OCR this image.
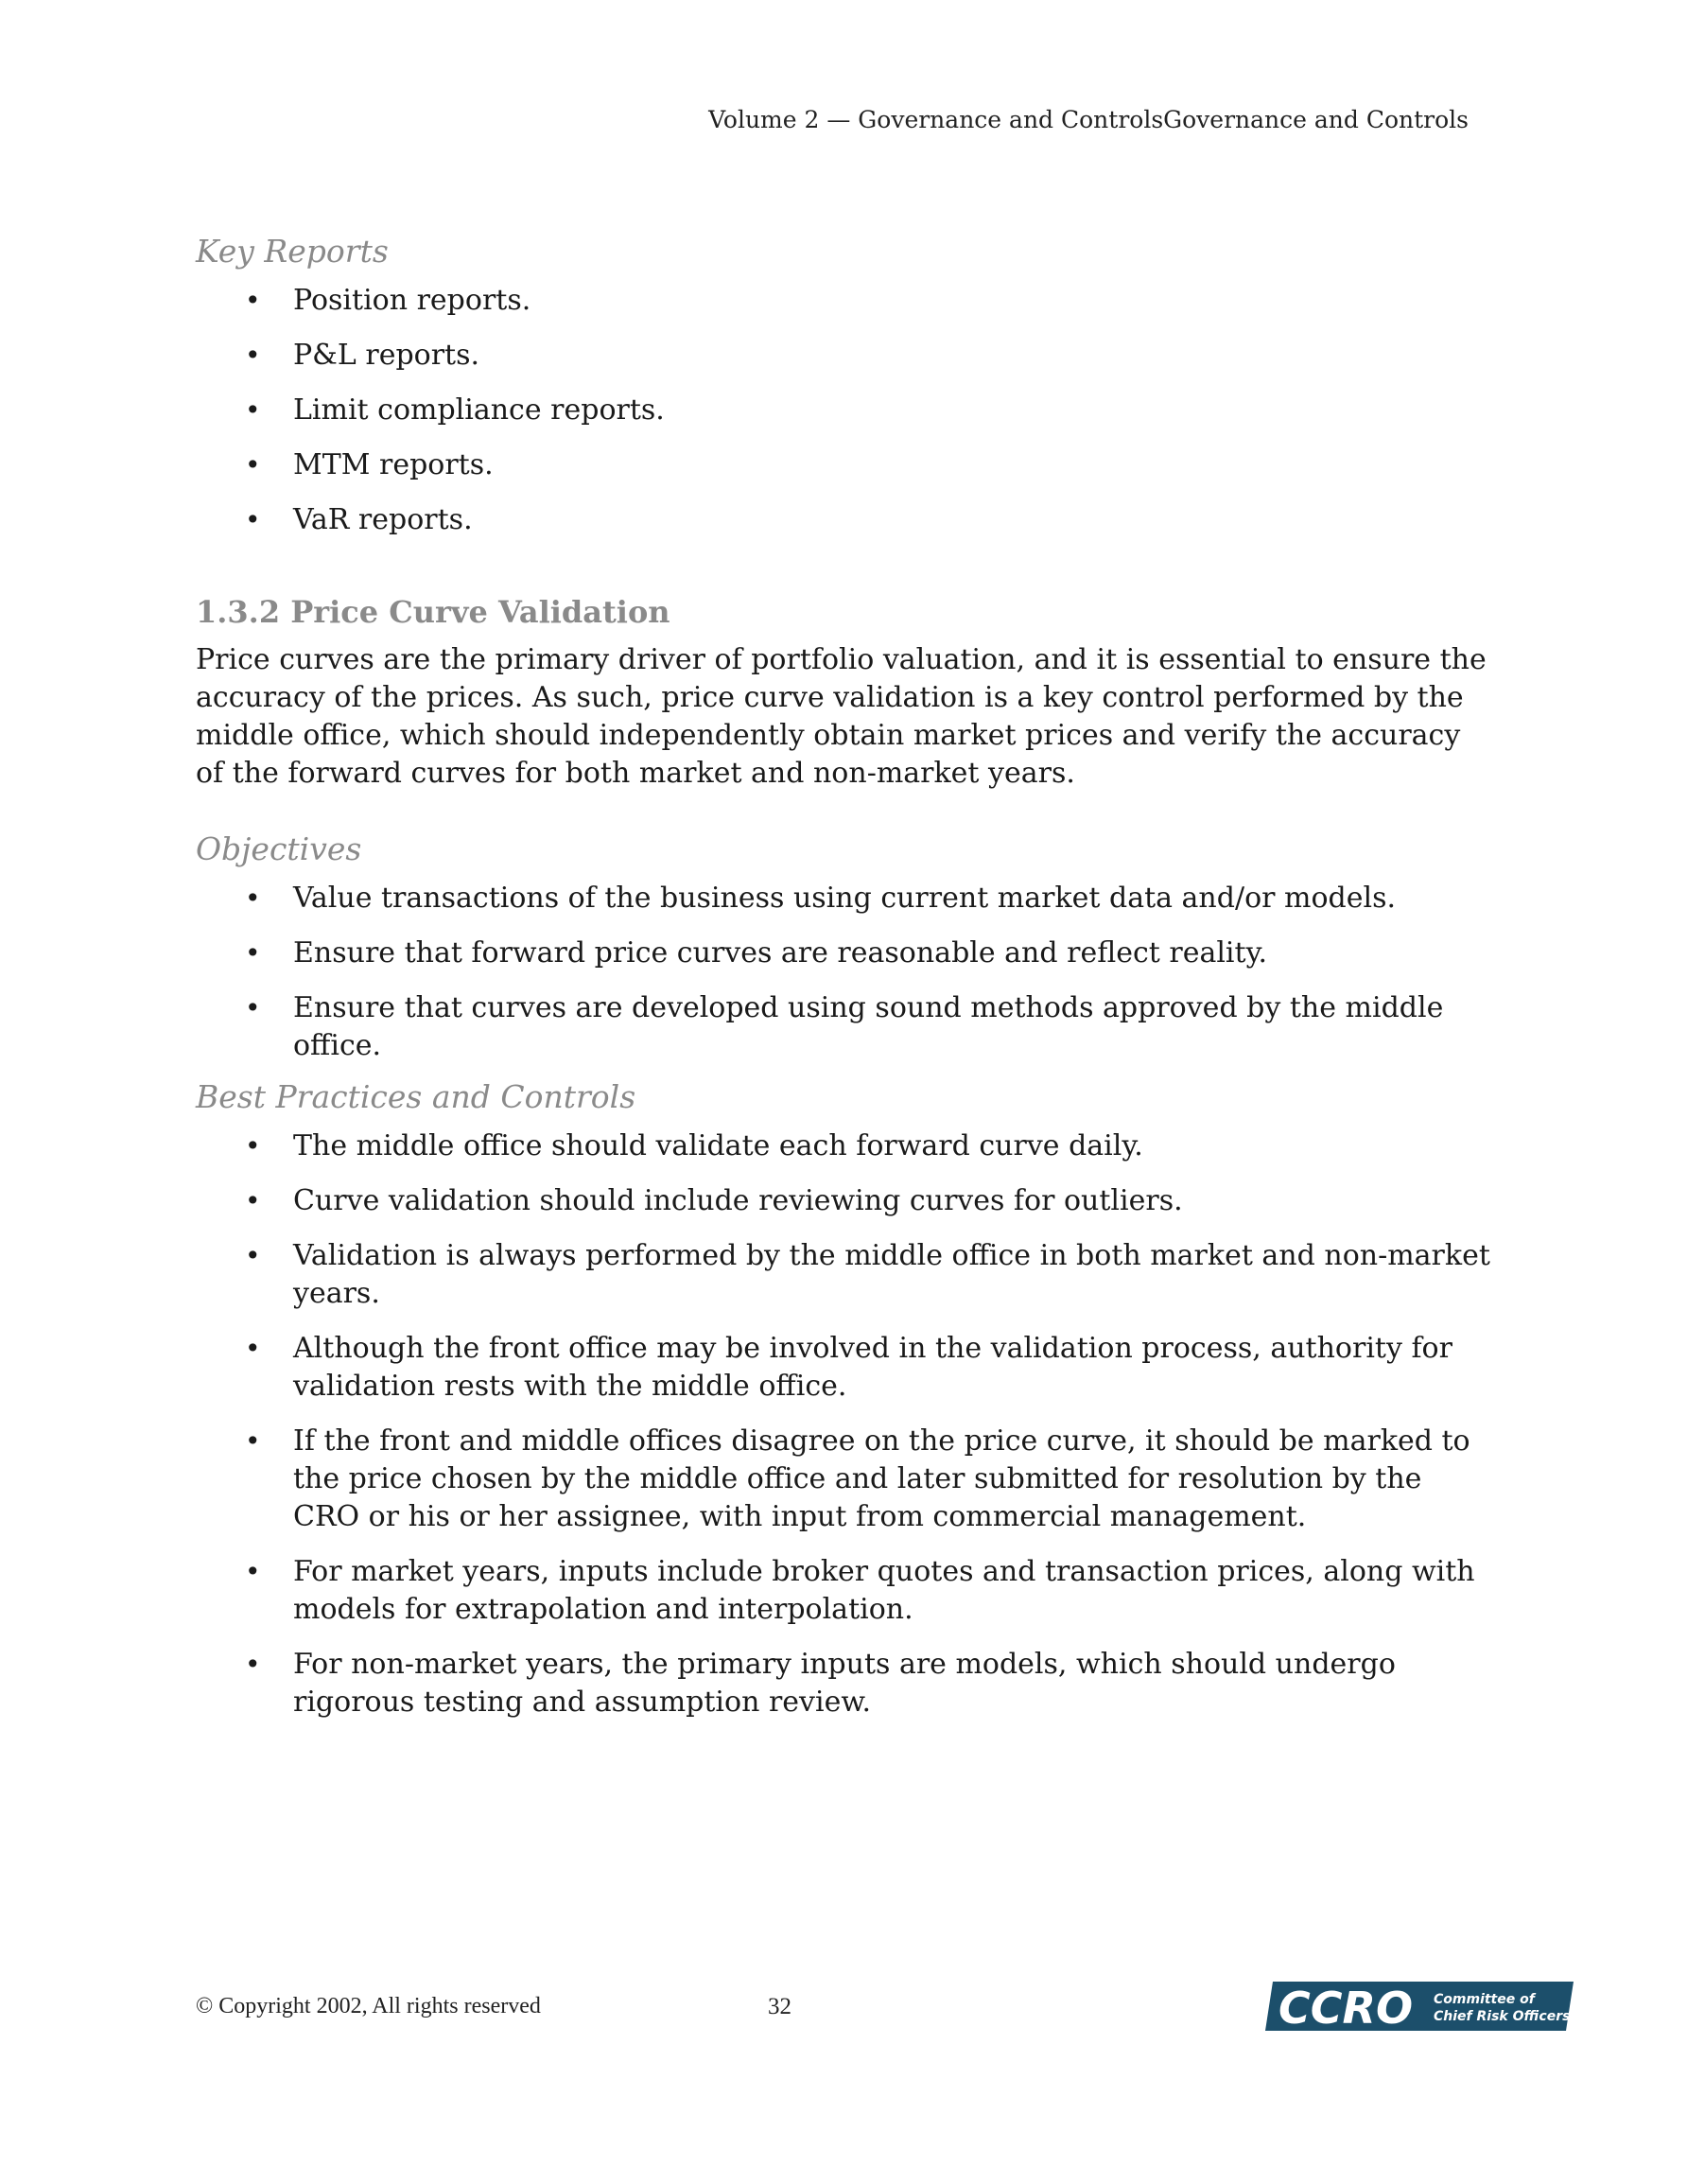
Volume 2 — Governance and ControlsGovernance and Controls
Key Reports
• Position reports.
• P&L reports.
• Limit compliance reports.
• MTM reports.
• VaR reports.
1.3.2 Price Curve Validation

Price curves are the primary driver of portfolio valuation, and it is essential to ensure the accuracy of the prices. As such, price curve validation is a key control performed by the middle office, which should independently obtain market prices and verify the accuracy of the forward curves for both market and non-market years.

Objectives
• Value transactions of the business using current market data and/or models.
• Ensure that forward price curves are reasonable and reflect reality.
• Ensure that curves are developed using sound methods approved by the middle office.
Best Practices and Controls
• The middle office should validate each forward curve daily.
• Curve validation should include reviewing curves for outliers.
• Validation is always performed by the middle office in both market and non-market years.
• Although the front office may be involved in the validation process, authority for validation rests with the middle office.
• If the front and middle offices disagree on the price curve, it should be marked to the price chosen by the middle office and later submitted for resolution by the CRO or his or her assignee, with input from commercial management.
• For market years, inputs include broker quotes and transaction prices, along with models for extrapolation and interpolation.
• For non-market years, the primary inputs are models, which should undergo rigorous testing and assumption review.
© Copyright 2002, All rights reserved	32	CCRO Committee of
Chief Risk Officers
